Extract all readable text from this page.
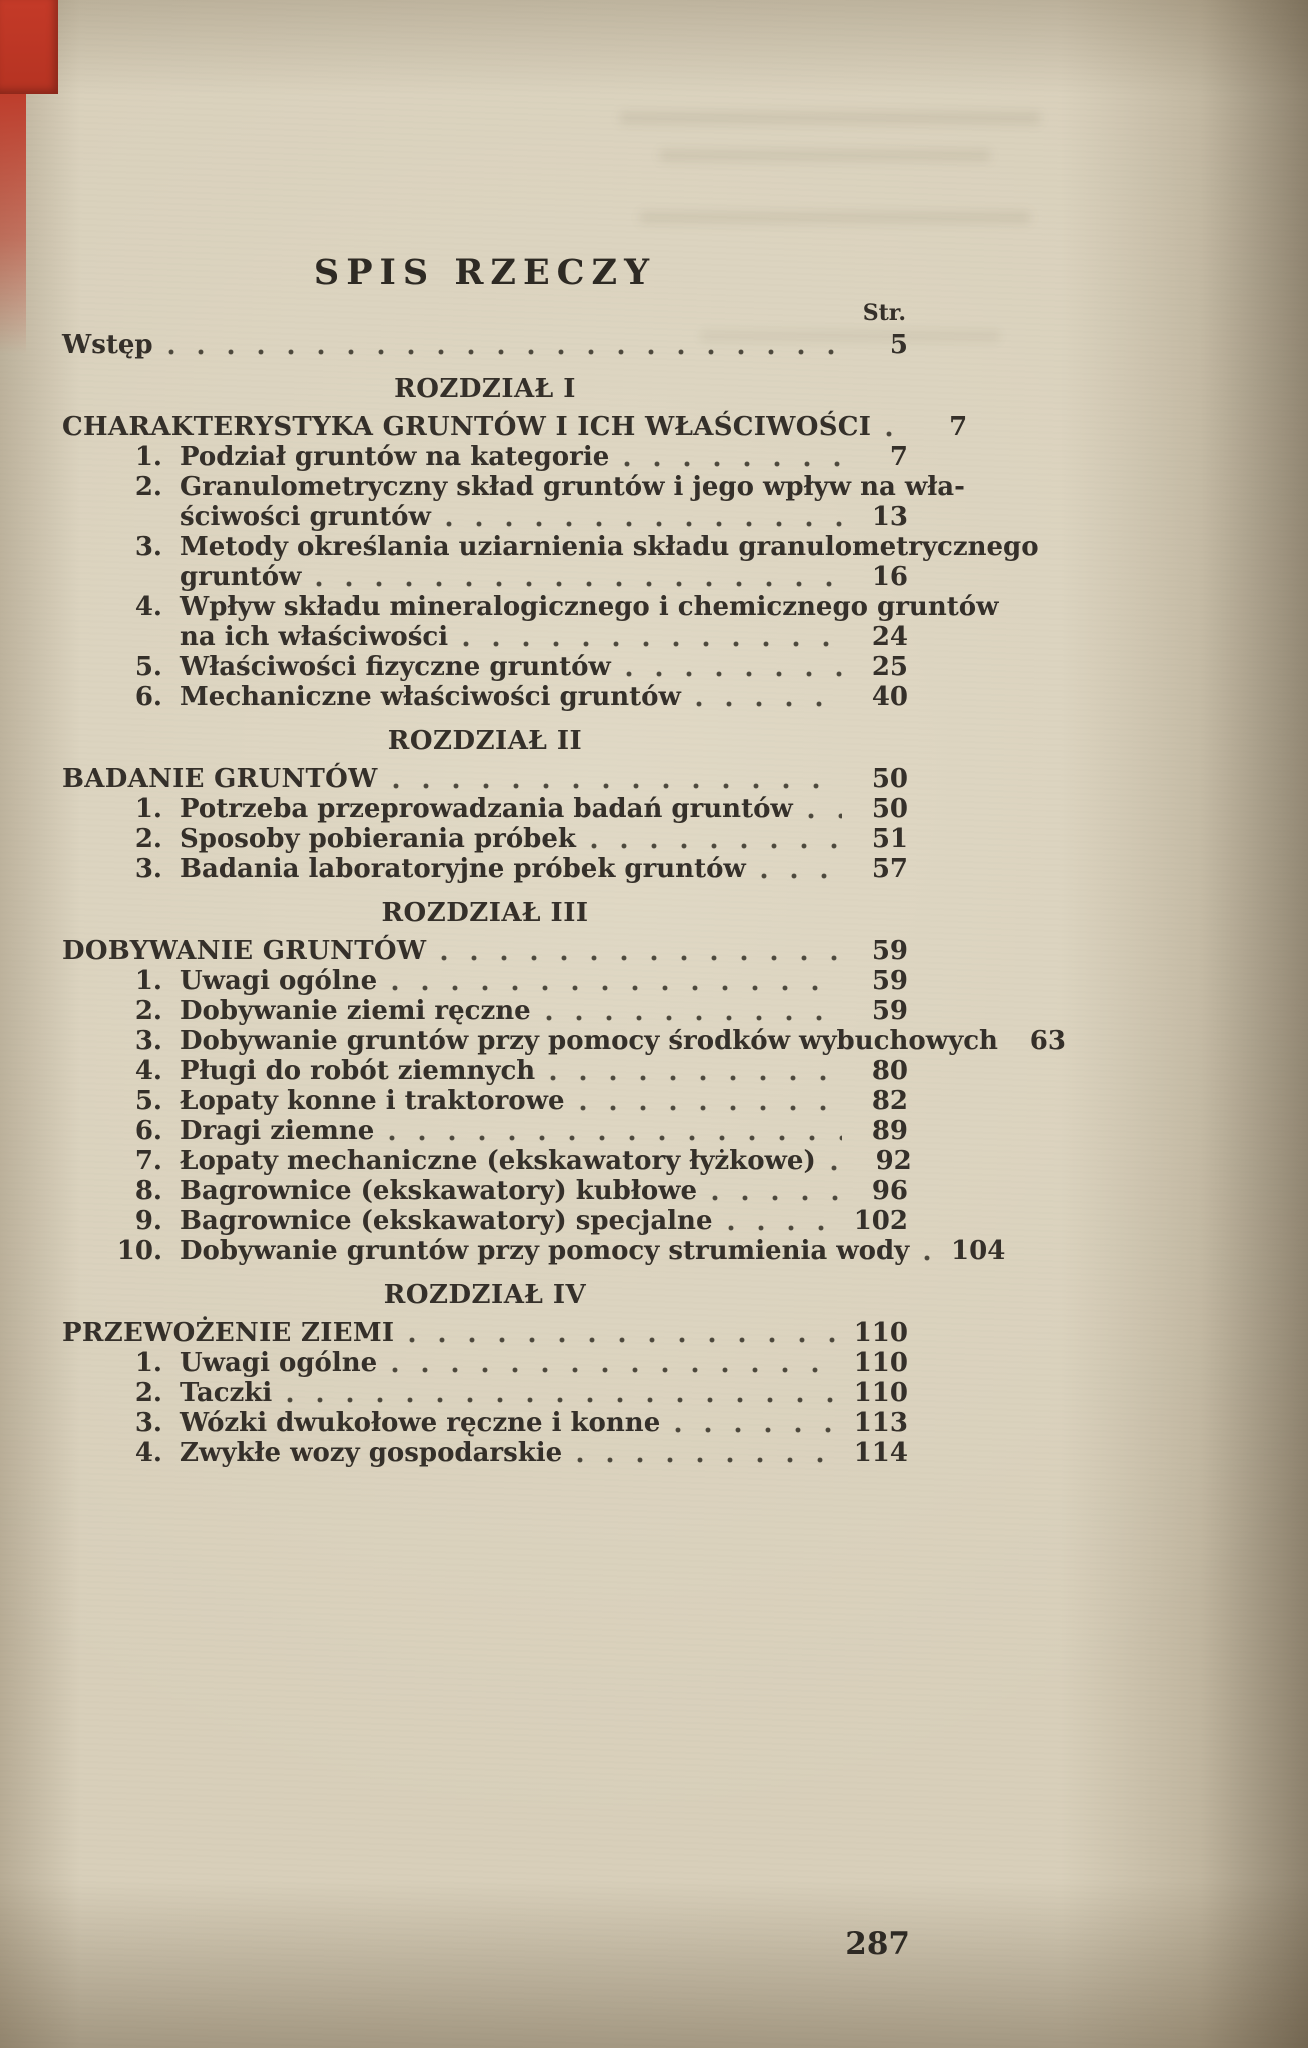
SPIS RZECZY
Str.
Wstęp	5
ROZDZIAŁ I
CHARAKTERYSTYKA GRUNTÓW I ICH WŁAŚCIWOŚCI	7
1. Podział gruntów na kategorie	7
2. Granulometryczny skład gruntów i jego wpływ na wła-
ściwości gruntów	13
3. Metody określania uziarnienia składu granulometrycznego
gruntów	16
4. Wpływ składu mineralogicznego i chemicznego gruntów
na ich właściwości	24
5. Właściwości fizyczne gruntów	25
6. Mechaniczne właściwości gruntów	40
ROZDZIAŁ II
BADANIE GRUNTÓW	50
1. Potrzeba przeprowadzania badań gruntów	50
2. Sposoby pobierania próbek	51
3. Badania laboratoryjne próbek gruntów	57
ROZDZIAŁ III
DOBYWANIE GRUNTÓW	59
1. Uwagi ogólne	59
2. Dobywanie ziemi ręczne	59
3. Dobywanie gruntów przy pomocy środków wybuchowych	63
4. Pługi do robót ziemnych	80
5. Łopaty konne i traktorowe	82
6. Dragi ziemne	89
7. Łopaty mechaniczne (ekskawatory łyżkowe)	92
8. Bagrownice (ekskawatory) kubłowe	96
9. Bagrownice (ekskawatory) specjalne	102
10. Dobywanie gruntów przy pomocy strumienia wody 104
ROZDZIAŁ IV
PRZEWOŻENIE ZIEMI	110
1. Uwagi ogólne	110
2. Taczki	110
3. Wózki dwukołowe ręczne i konne	113
4. Zwykłe wozy gospodarskie	114
287
